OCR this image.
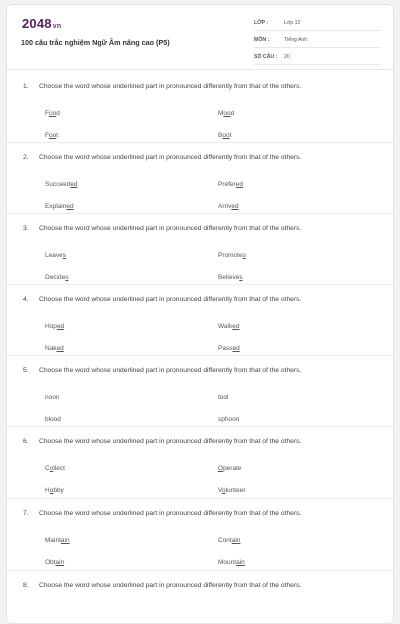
2048vn
100 câu trắc nghiệm Ngữ Âm nâng cao (P5)
LỚP :	Lớp 12
MÔN :	Tiếng Anh
SỐ CÂU :	20
1.	Choose the word whose underlined part in pronounced differently from that of the others.
Food	Mood
Foot	Boot
2.	Choose the word whose underlined part in pronounced differently from that of the others.
Succeeded	Prefered
Explained	Arrived
3.	Choose the word whose underlined part in pronounced differently from that of the others.
Leaves	Promotes
Decides	Believes
4.	Choose the word whose underlined part in pronounced differently from that of the others.
Hoped	Walked
Naked	Passed
5.	Choose the word whose underlined part in pronounced differently from that of the others.
noon	tool
blood	sphoon
6.	Choose the word whose underlined part in pronounced differently from that of the others.
Collect	Operate
Hobby	Volunteer
7.	Choose the word whose underlined part in pronounced differently from that of the others.
Maintain	Contain
Obtain	Mountain
8.	Choose the word whose underlined part in pronounced differently from that of the others.
